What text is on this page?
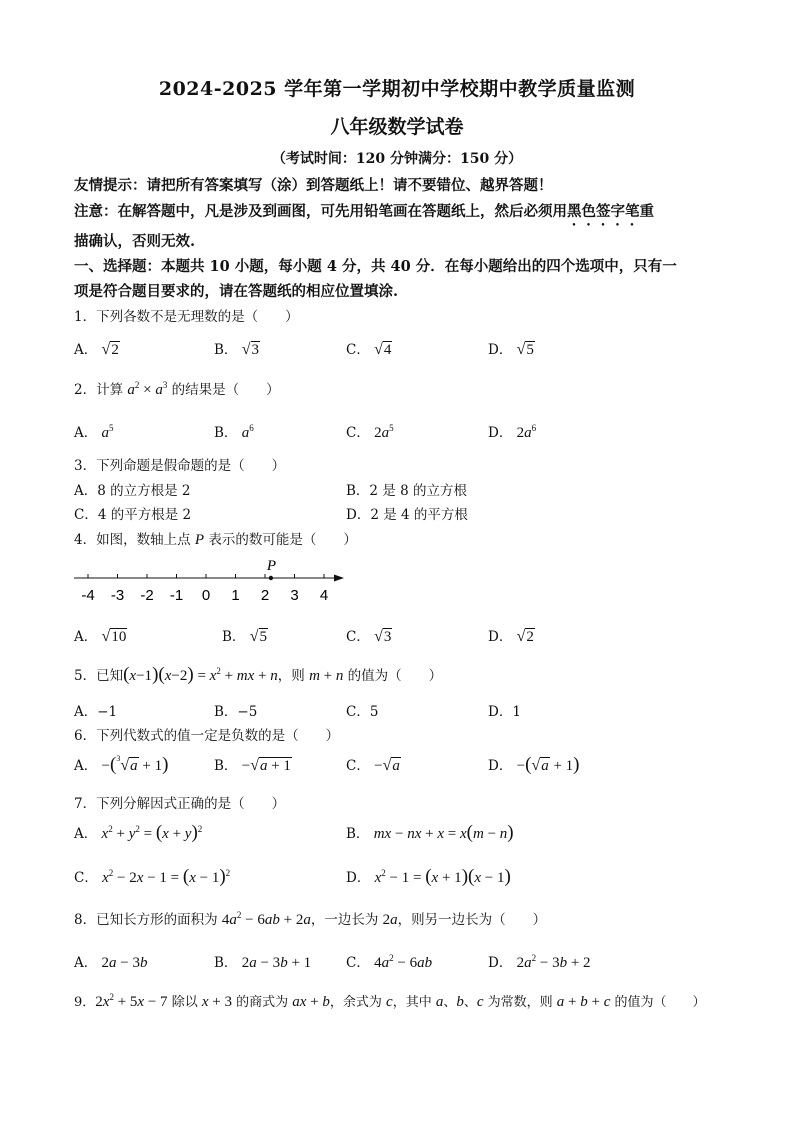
2024-2025 学年第一学期初中学校期中教学质量监测
八年级数学试卷
（考试时间：120 分钟满分：150 分）
友情提示：请把所有答案填写（涂）到答题纸上！请不要错位、越界答题！
注意：在解答题中，凡是涉及到画图，可先用铅笔画在答题纸上，然后必须用黑色签字笔重
描确认，否则无效.
一、选择题：本题共 10 小题，每小题 4 分，共 40 分．在每小题给出的四个选项中，只有一
项是符合题目要求的，请在答题纸的相应位置填涂.
1．下列各数不是无理数的是（　　）
A． √2	B． √3	C． √4	D． √5
2．计算 $a^2 \times a^3$ 的结果是（　　）
A． $a^5$	B． $a^6$	C． $2a^5$	D． $2a^6$
3．下列命题是假命题的是（　　）
A．8 的立方根是 2	B．2 是 8 的立方根
C．4 的平方根是 2	D．2 是 4 的平方根
4．如图，数轴上点 P 表示的数可能是（　　）
-4 -3 -2 -1 0 1 2 3 4
P
A． √10	B． √5	C． √3	D． √2
5．已知$(x-1)(x-2) = x^2$ + mx + n，则 m + n 的值为（　　）
A．−1	B．−5	C．5	D．1
6．下列代数式的值一定是负数的是（　　）
A． −($^3$√a + 1)	B． −√a + 1	C． −√a	D． −(√a + 1)
7．下列分解因式正确的是（　　）
A． $x^2 + y^2 = (x + y)^2$	B． mx − nx + x = x(m − n)
C． $x^2 - 2x - 1 = (x - 1)^2$	D． $x^2 - 1 = (x + 1)(x - 1)$
8．已知长方形的面积为 $4a^2 - 6ab + 2a$，一边长为 2a，则另一边长为（　　）
A． 2a − 3b	B． 2a − 3b + 1	C． $4a^2 - 6ab$	D． $2a^2 - 3b + 2$
9．$2x^2 + 5x - 7$ 除以 x + 3 的商式为 ax + b，余式为 c，其中 a、b、c 为常数，则 a + b + c 的值为（　　）
